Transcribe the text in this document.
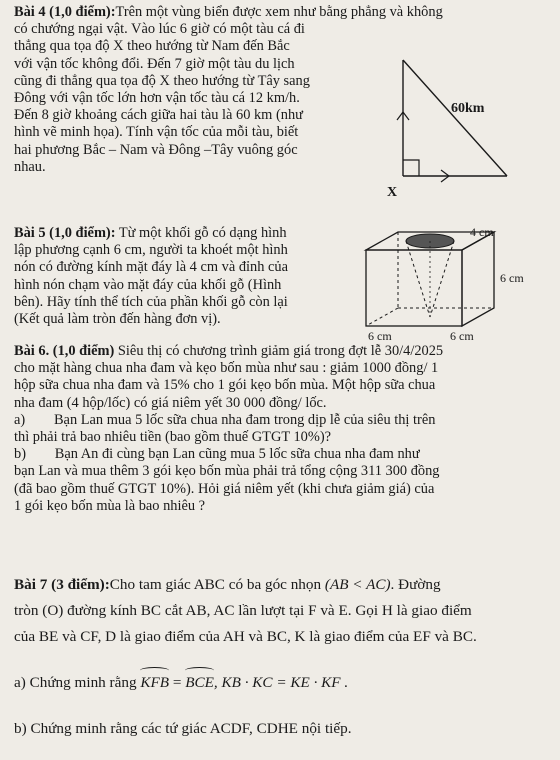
Bài 4 (1,0 điểm):Trên một vùng biển được xem như bằng phẳng và không
có chướng ngại vật. Vào lúc 6 giờ có một tàu cá đi
thẳng qua tọa độ X theo hướng từ Nam đến Bắc
với vận tốc không đổi. Đến 7 giờ một tàu du lịch
cũng đi thẳng qua tọa độ X theo hướng từ Tây sang
Đông với vận tốc lớn hơn vận tốc tàu cá 12 km/h.
Đến 8 giờ khoảng cách giữa hai tàu là 60 km (như
hình vẽ minh họa). Tính vận tốc của mỗi tàu, biết
hai phương Bắc – Nam và Đông –Tây vuông góc
nhau.
60km
X
Bài 5 (1,0 điểm): Từ một khối gỗ có dạng hình
lập phương cạnh 6 cm, người ta khoét một hình
nón có đường kính mặt đáy là 4 cm và đỉnh của
hình nón chạm vào mặt đáy của khối gỗ (Hình
bên). Hãy tính thể tích của phần khối gỗ còn lại
(Kết quả làm tròn đến hàng đơn vị).
4 cm
6 cm
6 cm	6 cm
Bài 6. (1,0 điểm) Siêu thị có chương trình giảm giá trong đợt lễ 30/4/2025
cho mặt hàng chua nha đam và kẹo bốn mùa như sau : giảm 1000 đồng/ 1
hộp sữa chua nha đam và 15% cho 1 gói kẹo bốn mùa. Một hộp sữa chua
nha đam (4 hộp/lốc) có giá niêm yết 30 000 đồng/ lốc.
a)        Bạn Lan mua 5 lốc sữa chua nha đam trong dịp lễ của siêu thị trên
thì phải trả bao nhiêu tiền (bao gồm thuế GTGT 10%)?
b)        Bạn An đi cùng bạn Lan cũng mua 5 lốc sữa chua nha đam như
bạn Lan và mua thêm 3 gói kẹo bốn mùa phải trả tổng cộng 311 300 đồng
(đã bao gồm thuế GTGT 10%). Hỏi giá niêm yết (khi chưa giảm giá) của
1 gói kẹo bốn mùa là bao nhiêu ?
Bài 7 (3 điểm):Cho tam giác ABC có ba góc nhọn (AB < AC). Đường
tròn (O) đường kính BC cắt AB, AC lần lượt tại F và E. Gọi H là giao điểm
của BE và CF, D là giao điểm của AH và BC, K là giao điểm của EF và BC.
a) Chứng minh rằng KFB = BCE, KB · KC = KE · KF .
b) Chứng minh rằng các tứ giác ACDF, CDHE nội tiếp.
